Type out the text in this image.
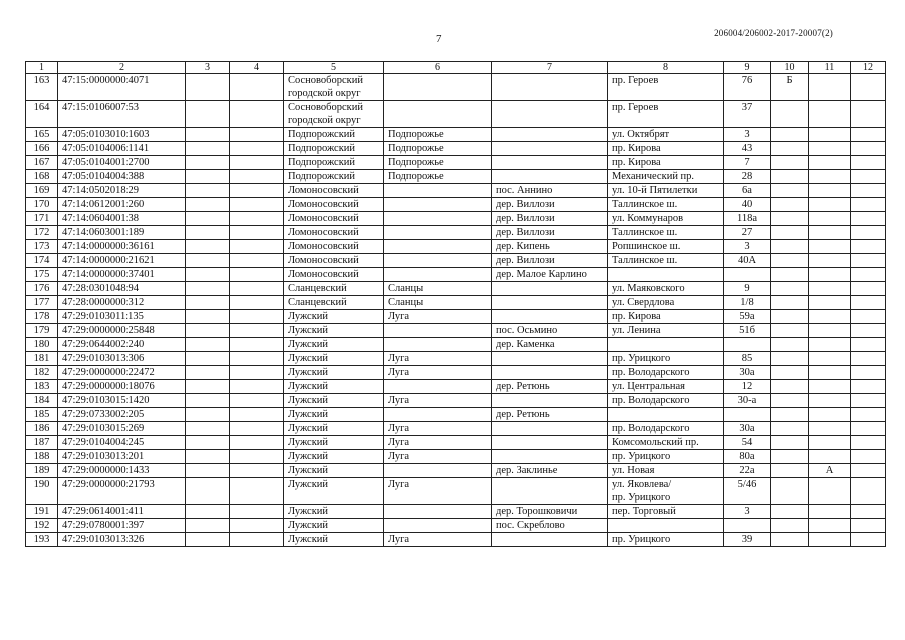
206004/206002-2017-20007(2)
7
1	2	3	4	5	6	7	8	9	10	11	12
163	47:15:0000000:4071			Сосновоборский
городской округ			пр. Героев	76	Б		
164	47:15:0106007:53			Сосновоборский
городской округ			пр. Героев	37			
165	47:05:0103010:1603			Подпорожский	Подпорожье		ул. Октябрят	3			
166	47:05:0104006:1141			Подпорожский	Подпорожье		пр. Кирова	43			
167	47:05:0104001:2700			Подпорожский	Подпорожье		пр. Кирова	7			
168	47:05:0104004:388			Подпорожский	Подпорожье		Механический пр.	28			
169	47:14:0502018:29			Ломоносовский		пос. Аннино	ул. 10-й Пятилетки	6а			
170	47:14:0612001:260			Ломоносовский		дер. Виллози	Таллинское ш.	40			
171	47:14:0604001:38			Ломоносовский		дер. Виллози	ул. Коммунаров	118а			
172	47:14:0603001:189			Ломоносовский		дер. Виллози	Таллинское ш.	27			
173	47:14:0000000:36161			Ломоносовский		дер. Кипень	Ропшинское ш.	3			
174	47:14:0000000:21621			Ломоносовский		дер. Виллози	Таллинское ш.	40А			
175	47:14:0000000:37401			Ломоносовский		дер. Малое Карлино					
176	47:28:0301048:94			Сланцевский	Сланцы		ул. Маяковского	9			
177	47:28:0000000:312			Сланцевский	Сланцы		ул. Свердлова	1/8			
178	47:29:0103011:135			Лужский	Луга		пр. Кирова	59а			
179	47:29:0000000:25848			Лужский		пос. Осьмино	ул. Ленина	51б			
180	47:29:0644002:240			Лужский		дер. Каменка					
181	47:29:0103013:306			Лужский	Луга		пр. Урицкого	85			
182	47:29:0000000:22472			Лужский	Луга		пр. Володарского	30а			
183	47:29:0000000:18076			Лужский		дер. Ретюнь	ул. Центральная	12			
184	47:29:0103015:1420			Лужский	Луга		пр. Володарского	30-а			
185	47:29:0733002:205			Лужский		дер. Ретюнь					
186	47:29:0103015:269			Лужский	Луга		пр. Володарского	30а			
187	47:29:0104004:245			Лужский	Луга		Комсомольский пр.	54			
188	47:29:0103013:201			Лужский	Луга		пр. Урицкого	80а			
189	47:29:0000000:1433			Лужский		дер. Заклинье	ул. Новая	22а		А	
190	47:29:0000000:21793			Лужский	Луга		ул. Яковлева/
пр. Урицкого	5/46			
191	47:29:0614001:411			Лужский		дер. Торошковичи	пер. Торговый	3			
192	47:29:0780001:397			Лужский		пос. Скреблово					
193	47:29:0103013:326			Лужский	Луга		пр. Урицкого	39			
